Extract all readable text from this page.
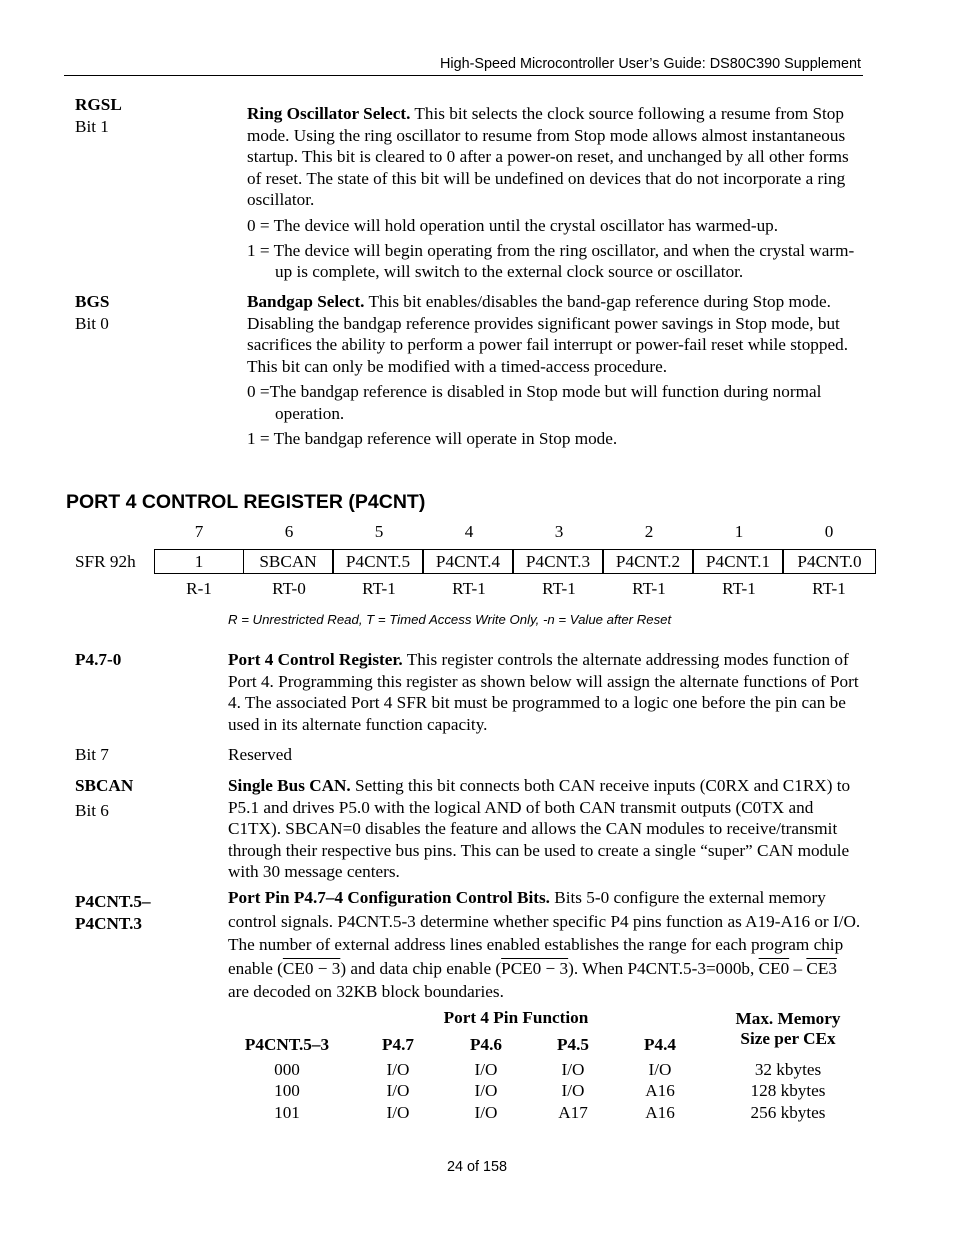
High-Speed Microcontroller User’s Guide: DS80C390 Supplement
RGSL
Bit 1

Ring Oscillator Select. This bit selects the clock source following a resume from Stop mode. Using the ring oscillator to resume from Stop mode allows almost instantaneous startup. This bit is cleared to 0 after a power-on reset, and unchanged by all other forms of reset. The state of this bit will be undefined on devices that do not incorporate a ring oscillator.

0 = The device will hold operation until the crystal oscillator has warmed-up.

1 = The device will begin operating from the ring oscillator, and when the crystal warm-up is complete, will switch to the external clock source or oscillator.

BGS
Bit 0

Bandgap Select. This bit enables/disables the band-gap reference during Stop mode. Disabling the bandgap reference provides significant power savings in Stop mode, but sacrifices the ability to perform a power fail interrupt or power-fail reset while stopped. This bit can only be modified with a timed-access procedure.

0 =The bandgap reference is disabled in Stop mode but will function during normal operation.

1 = The bandgap reference will operate in Stop mode.

PORT 4 CONTROL REGISTER (P4CNT)
SFR 92h
7	6	5	4	3	2	1	0
1	SBCAN	P4CNT.5	P4CNT.4	P4CNT.3	P4CNT.2	P4CNT.1	P4CNT.0
R-1	RT-0	RT-1	RT-1	RT-1	RT-1	RT-1	RT-1
R = Unrestricted Read, T = Timed Access Write Only, -n = Value after Reset
P4.7-0	Port 4 Control Register. This register controls the alternate addressing modes function of Port 4. Programming this register as shown below will assign the alternate functions of Port 4. The associated Port 4 SFR bit must be programmed to a logic one before the pin can be used in its alternate function capacity.

Bit 7	Reserved
SBCAN
Bit 6

Single Bus CAN. Setting this bit connects both CAN receive inputs (C0RX and C1RX) to P5.1 and drives P5.0 with the logical AND of both CAN transmit outputs (C0TX and C1TX). SBCAN=0 disables the feature and allows the CAN modules to receive/transmit through their respective bus pins. This can be used to create a single “super” CAN module with 30 message centers.

P4CNT.5–
P4CNT.3

Port Pin P4.7–4 Configuration Control Bits. Bits 5-0 configure the external memory control signals. P4CNT.5-3 determine whether specific P4 pins function as A19-A16 or I/O. The number of external address lines enabled establishes the range for each program chip enable (CE0 − 3) and data chip enable (PCE0 − 3). When P4CNT.5-3=000b, CE0 – CE3 are decoded on 32KB block boundaries.

Port 4 Pin Function	Max. Memory
Size per CEx
P4CNT.5–3	P4.7	P4.6	P4.5	P4.4
000	I/O	I/O	I/O	I/O	32 kbytes
100	I/O	I/O	I/O	A16	128 kbytes
101	I/O	I/O	A17	A16	256 kbytes
24 of 158
